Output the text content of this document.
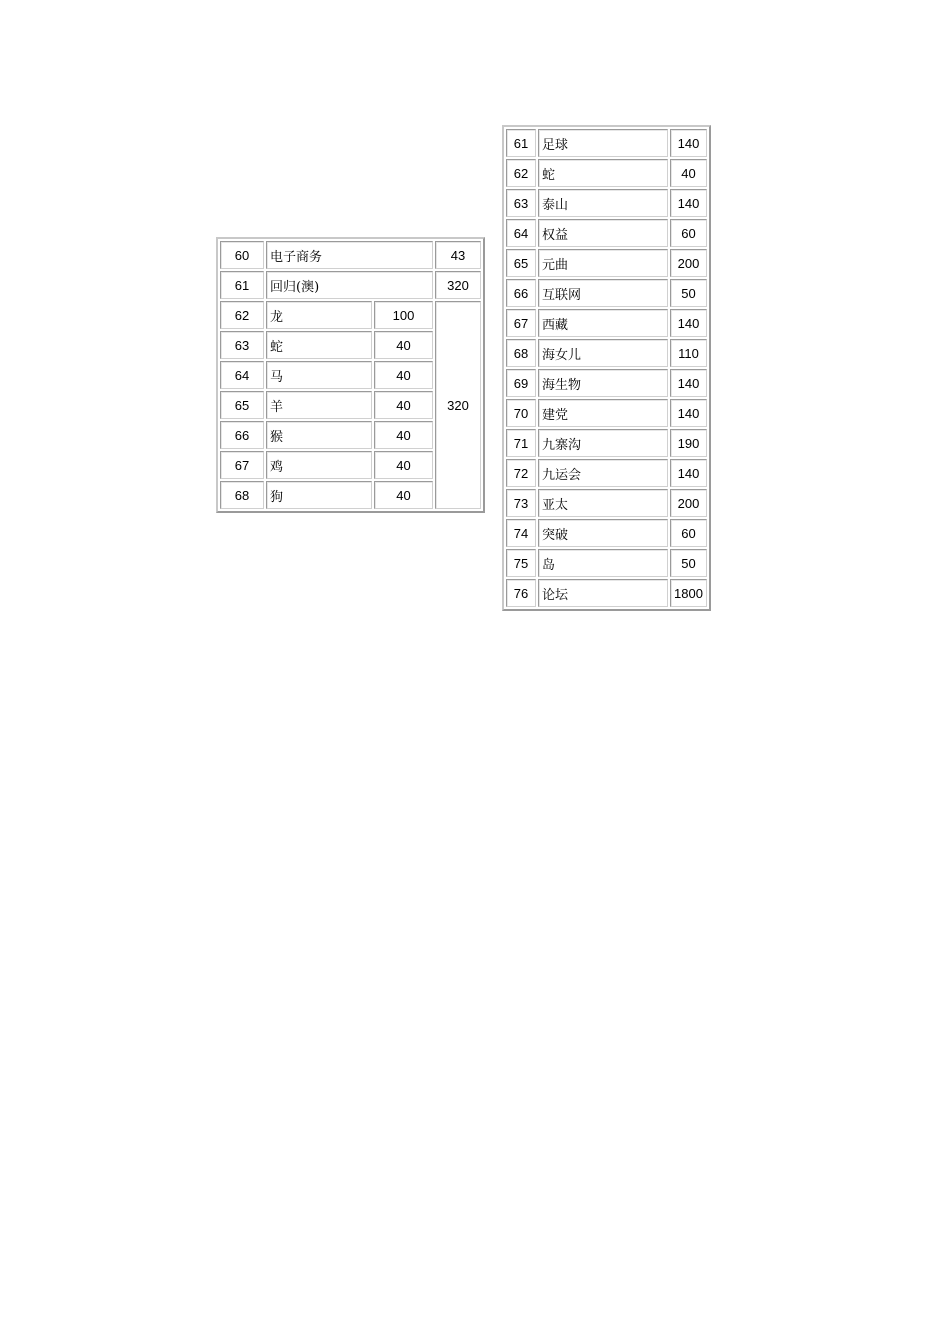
60	电子商务		43
61	回归(澳)		320
62	龙	100	320
63	蛇	40	
64	马	40	
65	羊	40	
66	猴	40	
67	鸡	40	
68	狗	40	
61	足球	140
62	蛇	40
63	泰山	140
64	权益	60
65	元曲	200
66	互联网	50
67	西藏	140
68	海女儿	110
69	海生物	140
70	建党	140
71	九寨沟	190
72	九运会	140
73	亚太	200
74	突破	60
75	岛	50
76	论坛	1800
